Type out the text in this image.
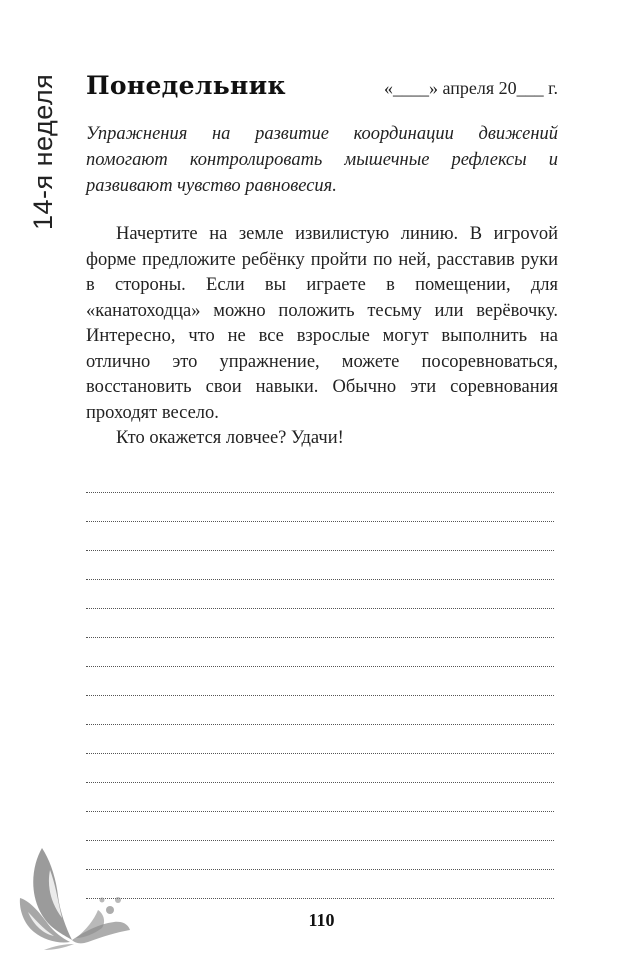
14-я неделя Понедельник	«____» апреля 20___ г.
Упражнения на развитие координации движений помогают контролировать мышечные рефлексы и развивают чувство равновесия.

Начертите на земле извилистую линию. В игроvой форме предложите ребёнку пройти по ней, расставив руки в стороны. Если вы играете в помещении, для «канатоходца» можно положить тесьму или верёвочку. Интересно, что не все взрослые могут выполнить на отлично это упражнение, можете посоревноваться, восстановить свои навыки. Обычно эти соревнования проходят весело.

Кто окажется ловчее? Удачи!

110
